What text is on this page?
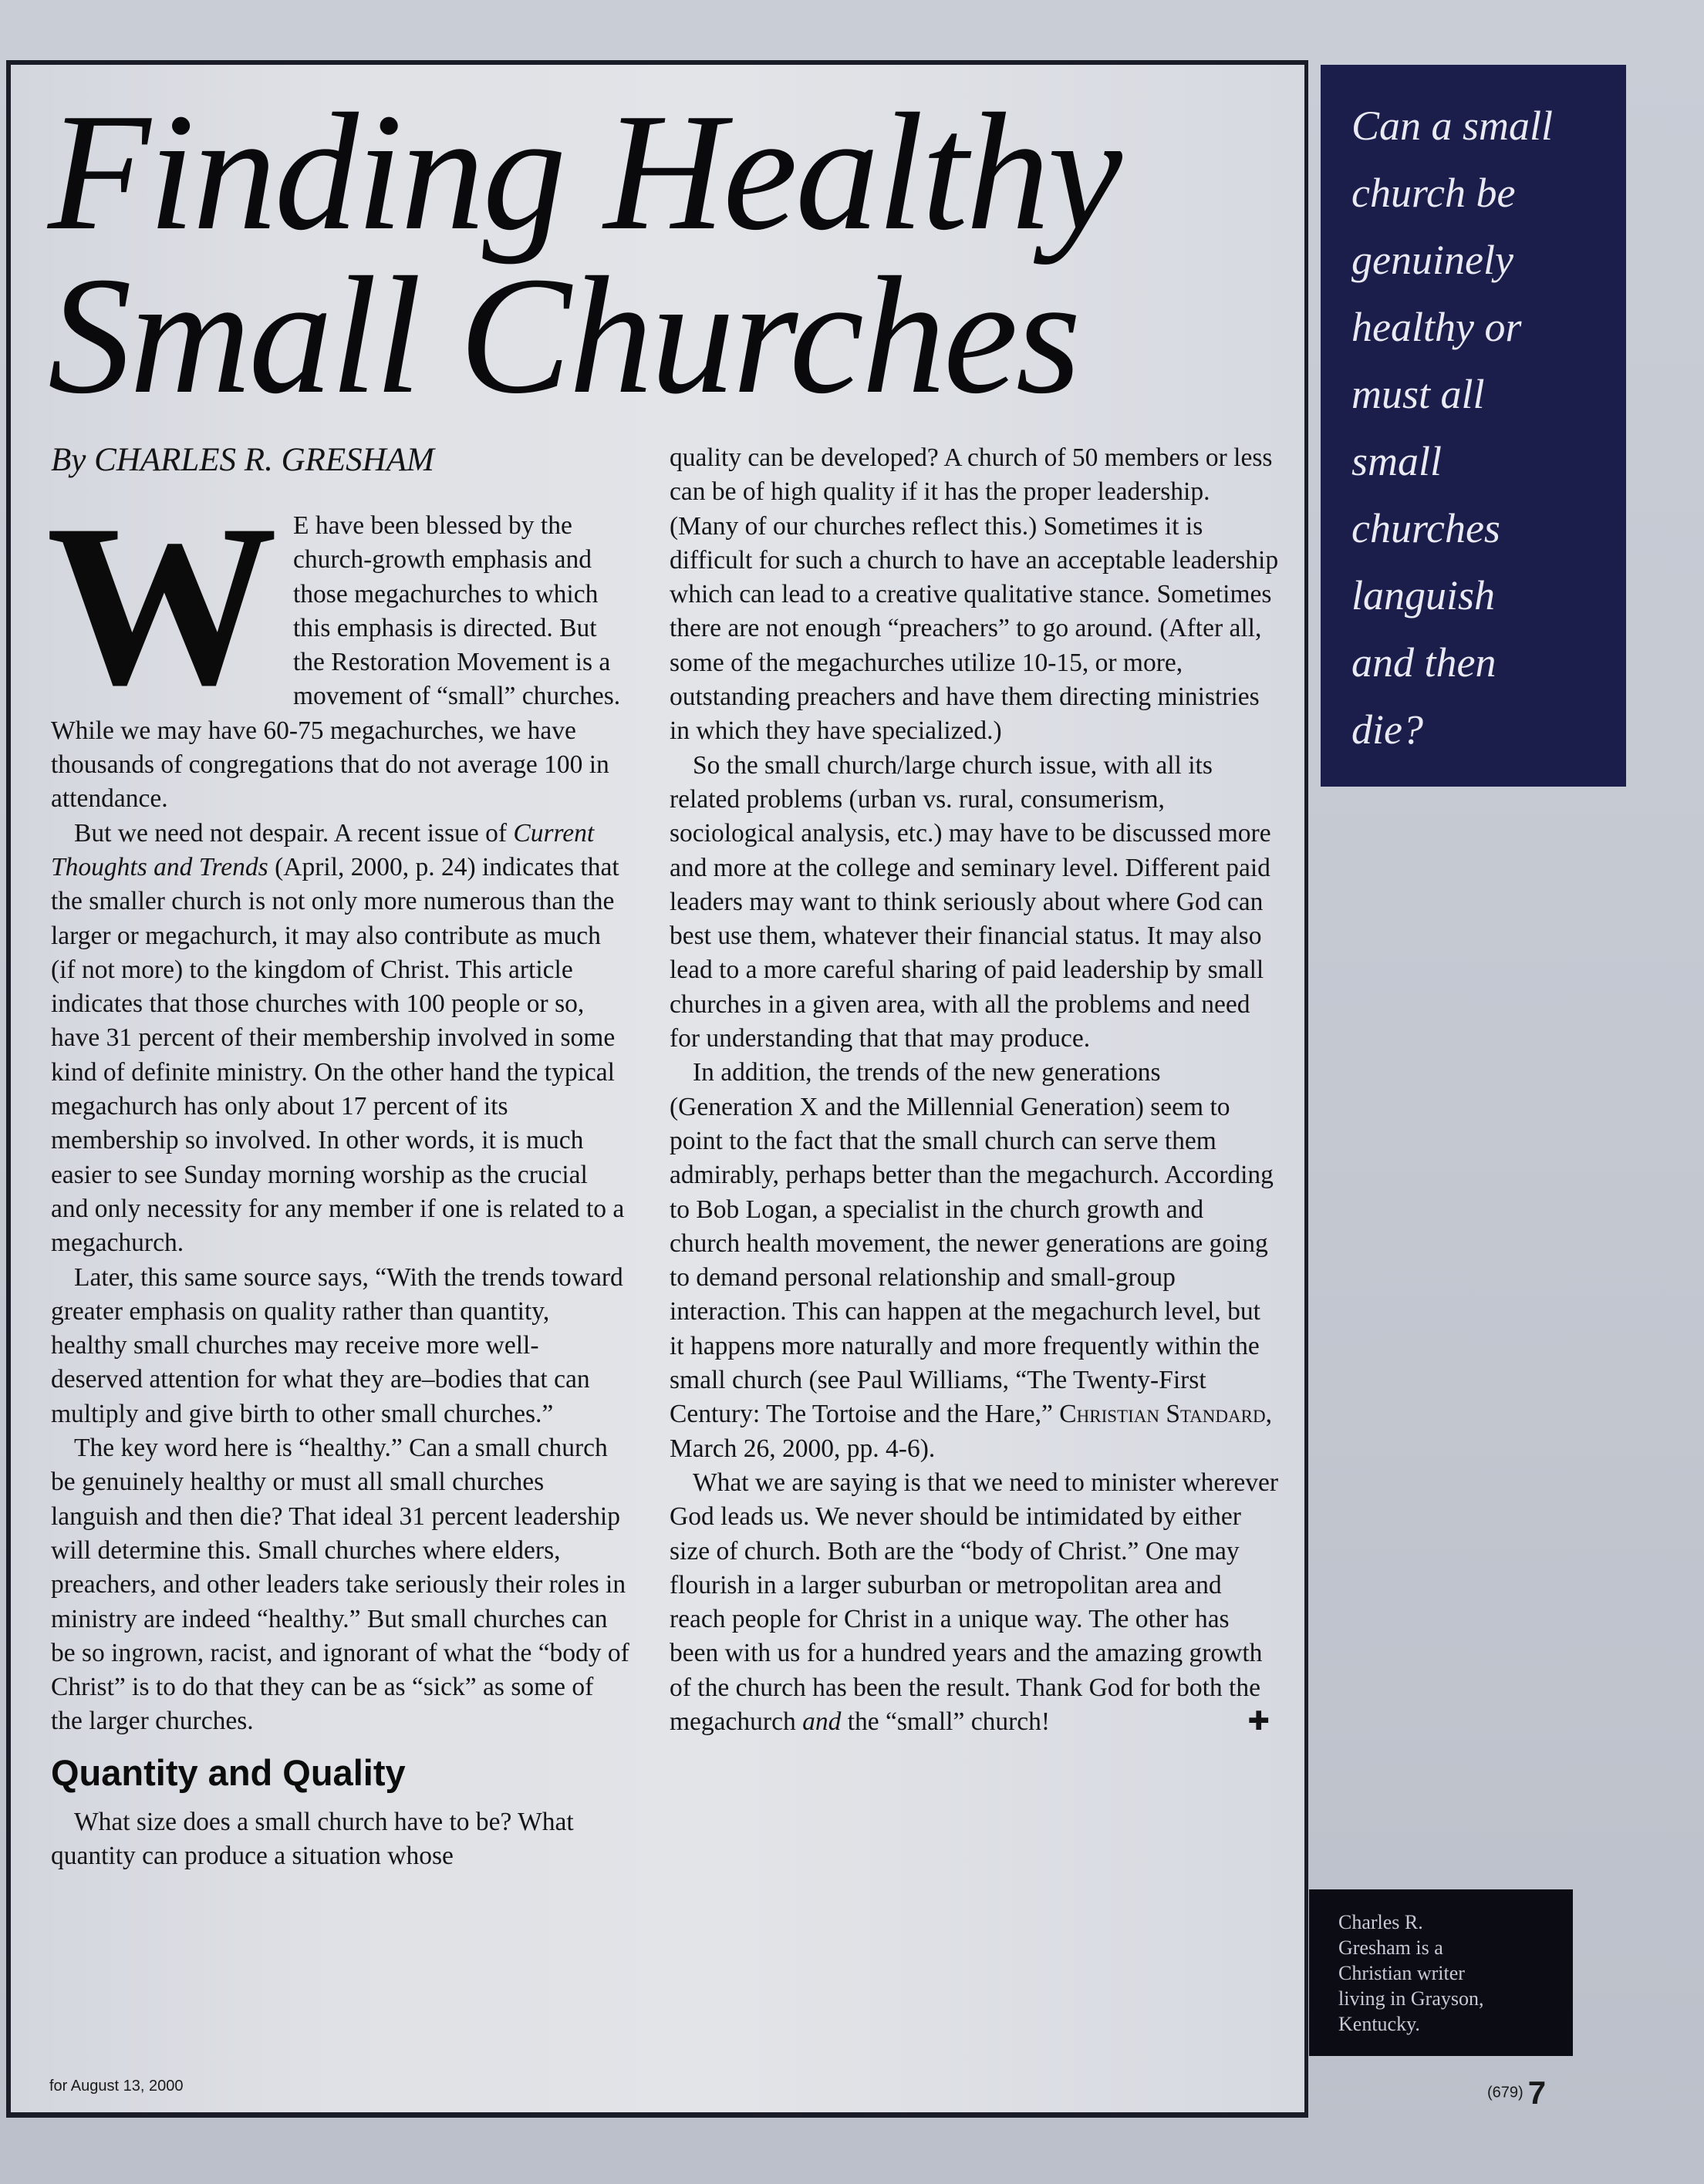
Finding Healthy
Small Churches
By CHARLES R. GRESHAM

W E have been blessed by the church-growth emphasis and those megachurches to which this emphasis is directed. But the Restoration Movement is a movement of “small” churches. While we may have 60-75 megachurches, we have thousands of congregations that do not average 100 in attendance.

But we need not despair. A recent issue of Current Thoughts and Trends (April, 2000, p. 24) indicates that the smaller church is not only more numerous than the larger or megachurch, it may also contribute as much (if not more) to the kingdom of Christ. This article indicates that those churches with 100 people or so, have 31 percent of their membership involved in some kind of definite ministry. On the other hand the typical megachurch has only about 17 percent of its membership so involved. In other words, it is much easier to see Sunday morning worship as the crucial and only necessity for any member if one is related to a megachurch.

Later, this same source says, “With the trends toward greater emphasis on quality rather than quantity, healthy small churches may receive more well-deserved attention for what they are–bodies that can multiply and give birth to other small churches.”

The key word here is “healthy.” Can a small church be genuinely healthy or must all small churches languish and then die? That ideal 31 percent leadership will determine this. Small churches where elders, preachers, and other leaders take seriously their roles in ministry are indeed “healthy.” But small churches can be so ingrown, racist, and ignorant of what the “body of Christ” is to do that they can be as “sick” as some of the larger churches.

Quantity and Quality

What size does a small church have to be? What quantity can produce a situation whose

quality can be developed? A church of 50 members or less can be of high quality if it has the proper leadership. (Many of our churches reflect this.) Sometimes it is difficult for such a church to have an acceptable leadership which can lead to a creative qualitative stance. Sometimes there are not enough “preachers” to go around. (After all, some of the megachurches utilize 10-15, or more, outstanding preachers and have them directing ministries in which they have specialized.)

So the small church/large church issue, with all its related problems (urban vs. rural, consumerism, sociological analysis, etc.) may have to be discussed more and more at the college and seminary level. Different paid leaders may want to think seriously about where God can best use them, whatever their financial status. It may also lead to a more careful sharing of paid leadership by small churches in a given area, with all the problems and need for understanding that that may produce.

In addition, the trends of the new generations (Generation X and the Millennial Generation) seem to point to the fact that the small church can serve them admirably, perhaps better than the megachurch. According to Bob Logan, a specialist in the church growth and church health movement, the newer generations are going to demand personal relationship and small-group interaction. This can happen at the megachurch level, but it happens more naturally and more frequently within the small church (see Paul Williams, “The Twenty-First Century: The Tortoise and the Hare,” Christian Standard, March 26, 2000, pp. 4-6).

What we are saying is that we need to minister wherever God leads us. We never should be intimidated by either size of church. Both are the “body of Christ.” One may flourish in a larger suburban or metropolitan area and reach people for Christ in a unique way. The other has been with us for a hundred years and the amazing growth of the church has been the result. Thank God for both the megachurch and the “small” church!	✚

Can a small
church be
genuinely
healthy or
must all
small
churches
languish
and then
die?
Charles R.
Gresham is a
Christian writer
living in Grayson,
Kentucky.
for August 13, 2000	(679) 7
